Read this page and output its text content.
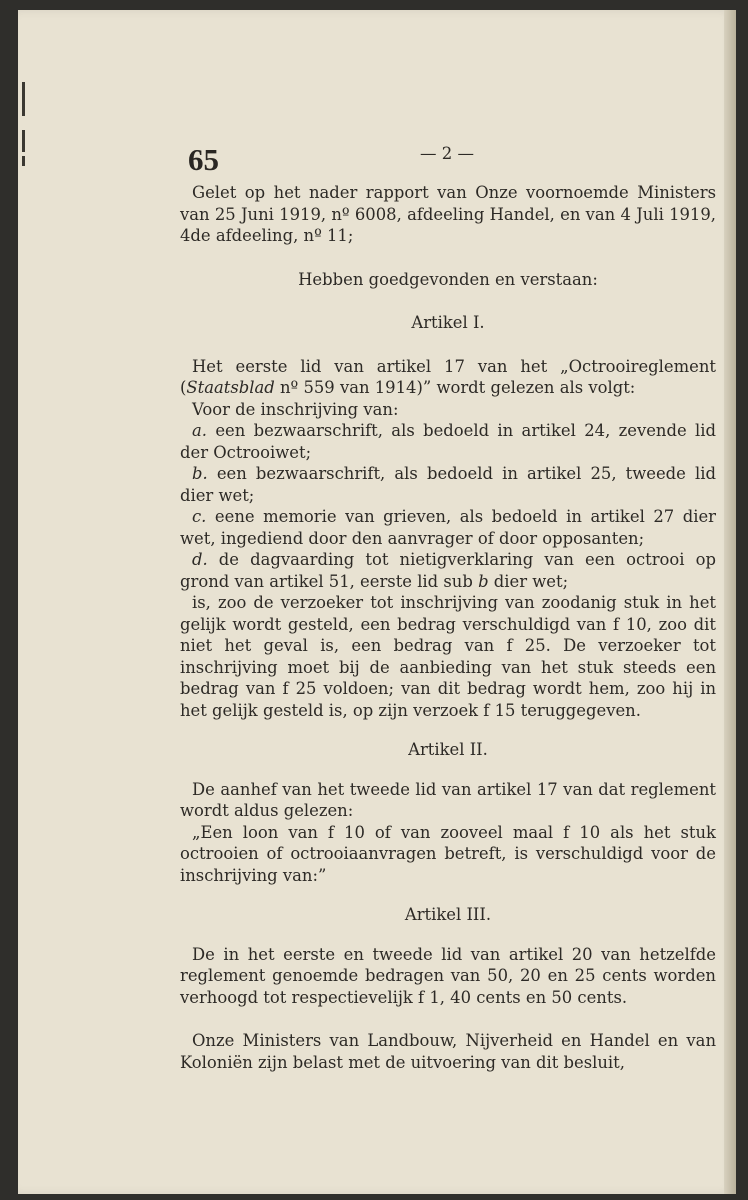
65	— 2 —

Gelet op het nader rapport van Onze voornoemde Ministers van 25 Juni 1919, nº 6008, afdeeling Handel, en van 4 Juli 1919, 4de afdeeling, nº 11;

Hebben goedgevonden en verstaan:

Artikel I.

Het eerste lid van artikel 17 van het „Octrooireglement (Staatsblad nº 559 van 1914)” wordt gelezen als volgt:

Voor de inschrijving van:

a. een bezwaarschrift, als bedoeld in artikel 24, zevende lid der Octrooiwet;

b. een bezwaarschrift, als bedoeld in artikel 25, tweede lid dier wet;

c. eene memorie van grieven, als bedoeld in artikel 27 dier wet, ingediend door den aanvrager of door opposanten;

d. de dagvaarding tot nietigverklaring van een octrooi op grond van artikel 51, eerste lid sub b dier wet;

is, zoo de verzoeker tot inschrijving van zoodanig stuk in het gelijk wordt gesteld, een bedrag verschuldigd van f 10, zoo dit niet het geval is, een bedrag van f 25. De verzoeker tot inschrijving moet bij de aanbieding van het stuk steeds een bedrag van f 25 voldoen; van dit bedrag wordt hem, zoo hij in het gelijk gesteld is, op zijn verzoek f 15 teruggegeven.

Artikel II.

De aanhef van het tweede lid van artikel 17 van dat reglement wordt aldus gelezen:

„Een loon van f 10 of van zooveel maal f 10 als het stuk octrooien of octrooiaanvragen betreft, is verschuldigd voor de inschrijving van:”

Artikel III.

De in het eerste en tweede lid van artikel 20 van hetzelfde reglement genoemde bedragen van 50, 20 en 25 cents worden verhoogd tot respectievelijk f 1, 40 cents en 50 cents.

Onze Ministers van Landbouw, Nijverheid en Handel en van Koloniën zijn belast met de uitvoering van dit besluit,
